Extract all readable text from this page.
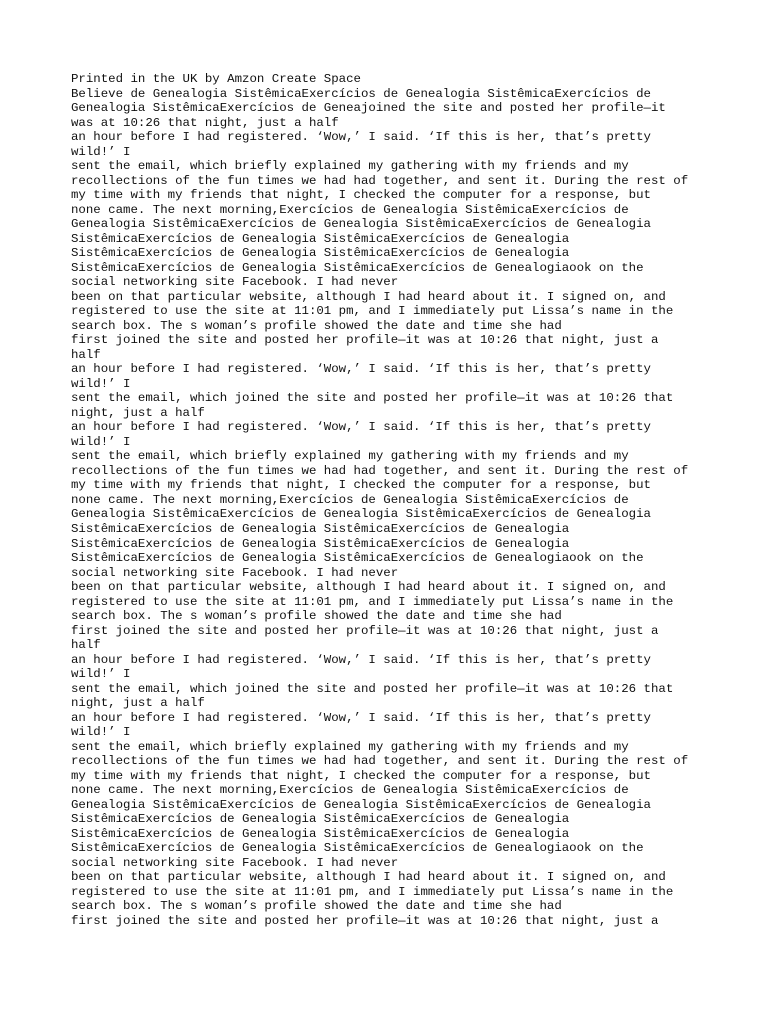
Printed in the UK by Amzon Create Space
Believe de Genealogia SistêmicaExercícios de Genealogia SistêmicaExercícios de
Genealogia SistêmicaExercícios de Geneajoined the site and posted her profile—it
was at 10:26 that night, just a half
an hour before I had registered. ‘Wow,’ I said. ‘If this is her, that’s pretty
wild!’ I
sent the email, which briefly explained my gathering with my friends and my
recollections of the fun times we had had together, and sent it. During the rest of
my time with my friends that night, I checked the computer for a response, but
none came. The next morning,Exercícios de Genealogia SistêmicaExercícios de
Genealogia SistêmicaExercícios de Genealogia SistêmicaExercícios de Genealogia
SistêmicaExercícios de Genealogia SistêmicaExercícios de Genealogia
SistêmicaExercícios de Genealogia SistêmicaExercícios de Genealogia
SistêmicaExercícios de Genealogia SistêmicaExercícios de Genealogiaook on the
social networking site Facebook. I had never
been on that particular website, although I had heard about it. I signed on, and
registered to use the site at 11:01 pm, and I immediately put Lissa’s name in the
search box. The s woman’s profile showed the date and time she had
first joined the site and posted her profile—it was at 10:26 that night, just a
half
an hour before I had registered. ‘Wow,’ I said. ‘If this is her, that’s pretty
wild!’ I
sent the email, which joined the site and posted her profile—it was at 10:26 that
night, just a half
an hour before I had registered. ‘Wow,’ I said. ‘If this is her, that’s pretty
wild!’ I
sent the email, which briefly explained my gathering with my friends and my
recollections of the fun times we had had together, and sent it. During the rest of
my time with my friends that night, I checked the computer for a response, but
none came. The next morning,Exercícios de Genealogia SistêmicaExercícios de
Genealogia SistêmicaExercícios de Genealogia SistêmicaExercícios de Genealogia
SistêmicaExercícios de Genealogia SistêmicaExercícios de Genealogia
SistêmicaExercícios de Genealogia SistêmicaExercícios de Genealogia
SistêmicaExercícios de Genealogia SistêmicaExercícios de Genealogiaook on the
social networking site Facebook. I had never
been on that particular website, although I had heard about it. I signed on, and
registered to use the site at 11:01 pm, and I immediately put Lissa’s name in the
search box. The s woman’s profile showed the date and time she had
first joined the site and posted her profile—it was at 10:26 that night, just a
half
an hour before I had registered. ‘Wow,’ I said. ‘If this is her, that’s pretty
wild!’ I
sent the email, which joined the site and posted her profile—it was at 10:26 that
night, just a half
an hour before I had registered. ‘Wow,’ I said. ‘If this is her, that’s pretty
wild!’ I
sent the email, which briefly explained my gathering with my friends and my
recollections of the fun times we had had together, and sent it. During the rest of
my time with my friends that night, I checked the computer for a response, but
none came. The next morning,Exercícios de Genealogia SistêmicaExercícios de
Genealogia SistêmicaExercícios de Genealogia SistêmicaExercícios de Genealogia
SistêmicaExercícios de Genealogia SistêmicaExercícios de Genealogia
SistêmicaExercícios de Genealogia SistêmicaExercícios de Genealogia
SistêmicaExercícios de Genealogia SistêmicaExercícios de Genealogiaook on the
social networking site Facebook. I had never
been on that particular website, although I had heard about it. I signed on, and
registered to use the site at 11:01 pm, and I immediately put Lissa’s name in the
search box. The s woman’s profile showed the date and time she had
first joined the site and posted her profile—it was at 10:26 that night, just a
